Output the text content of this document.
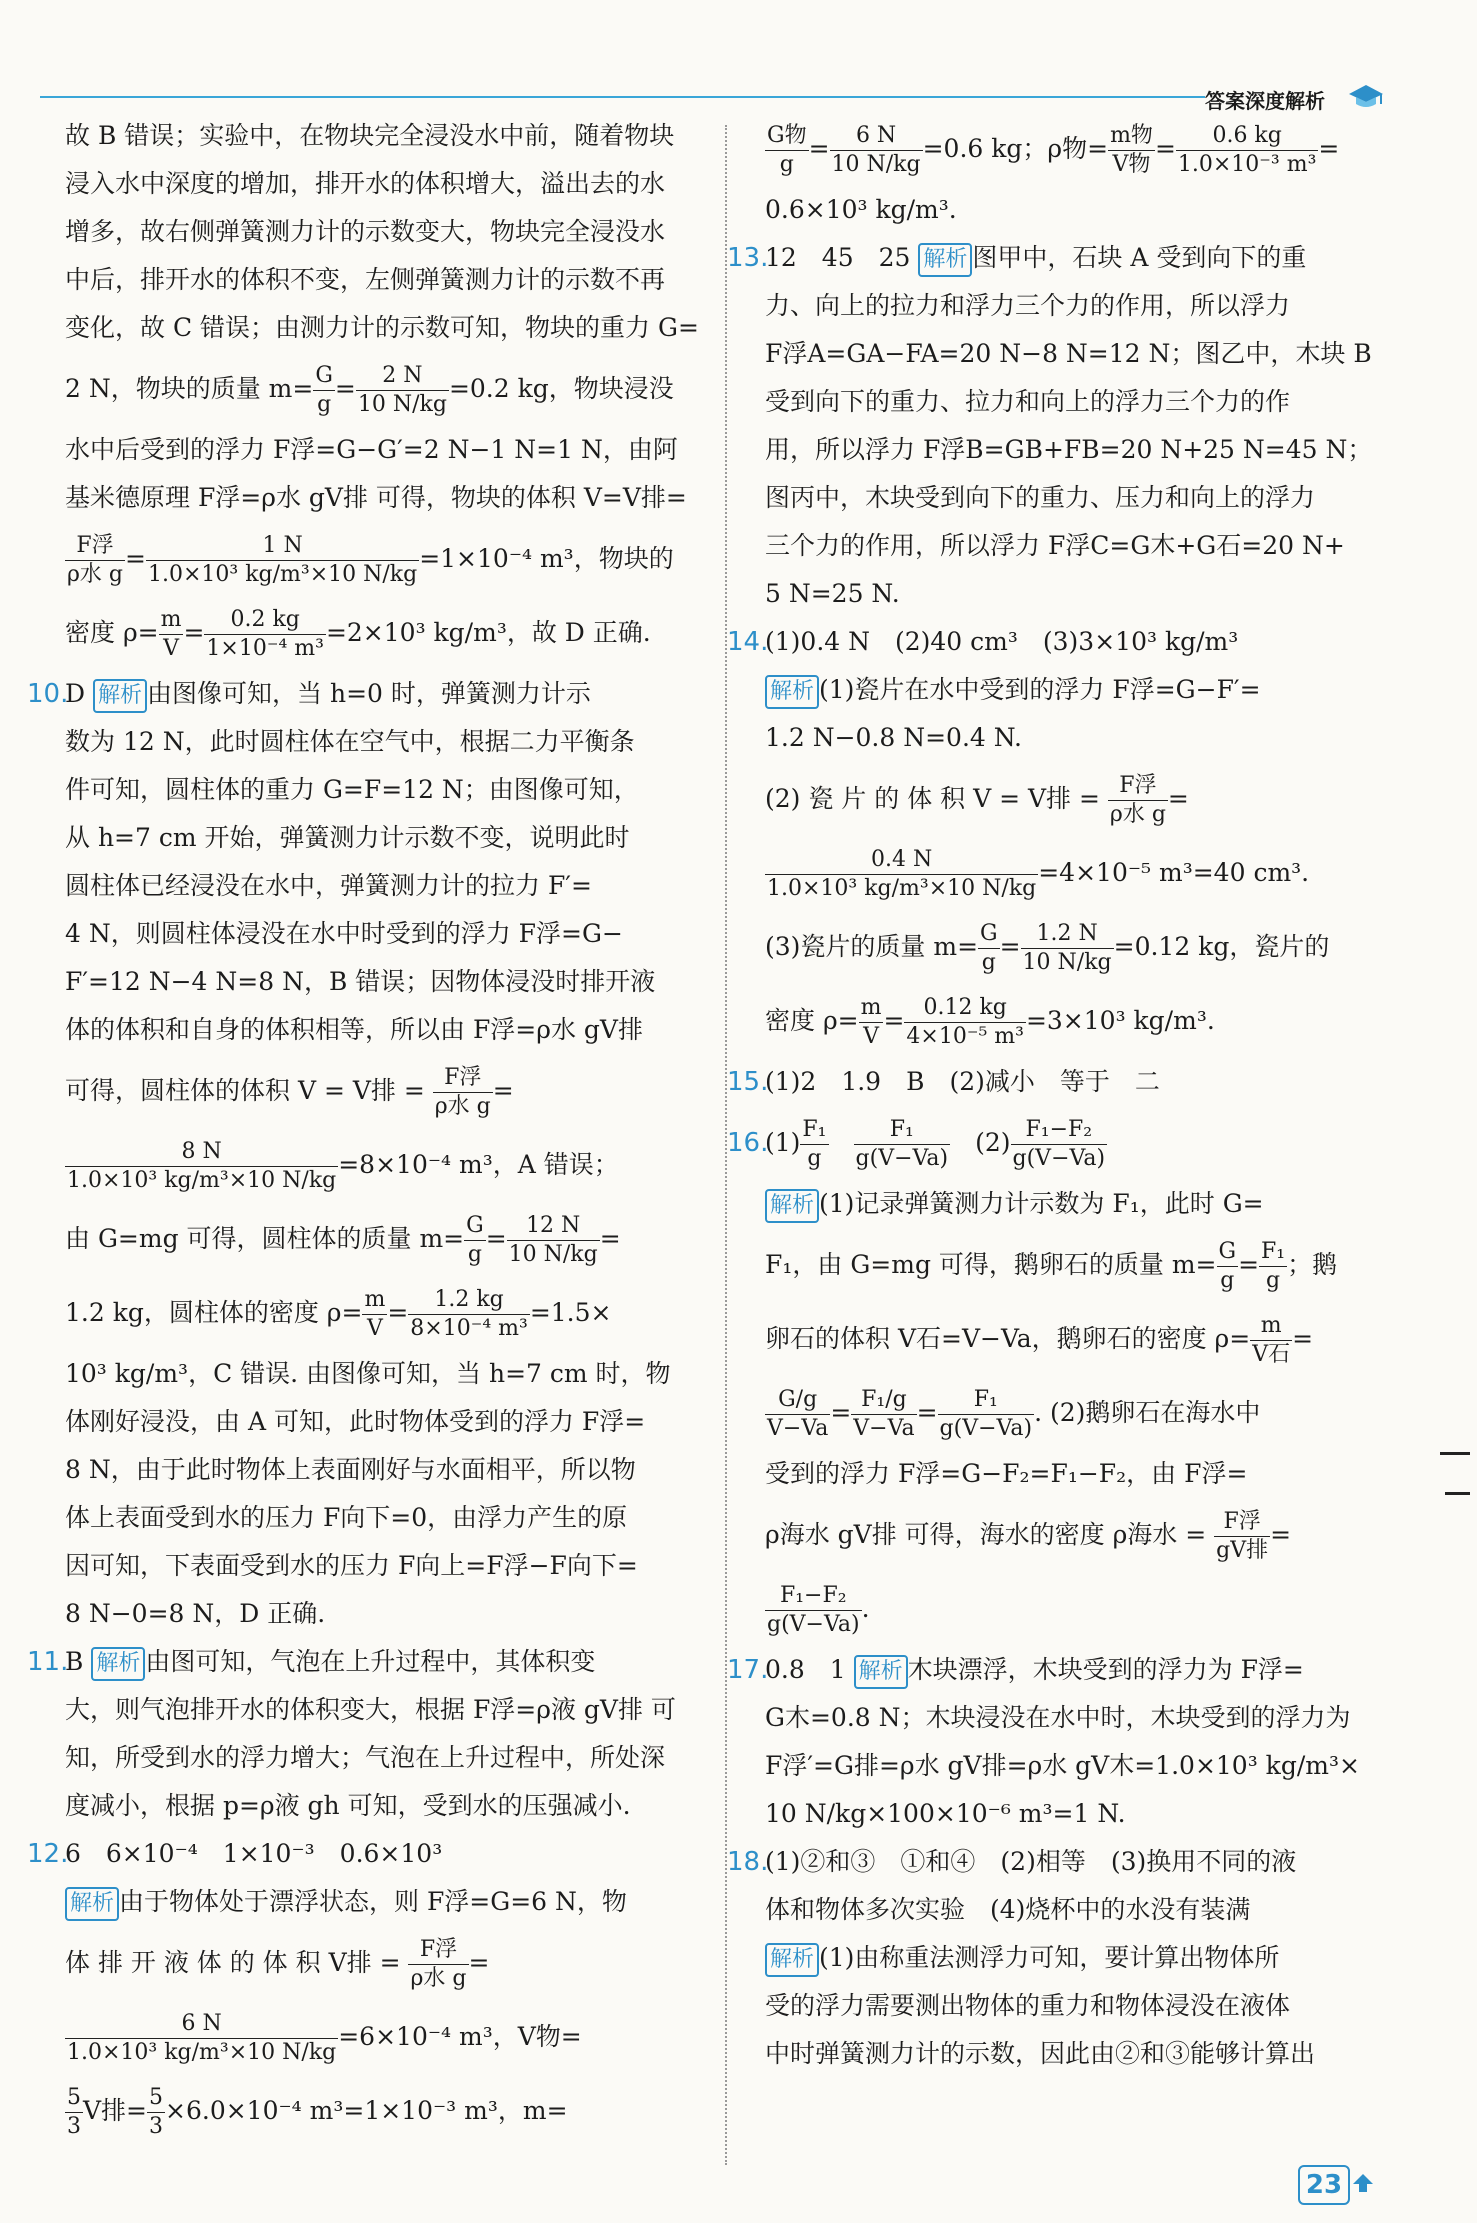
答案深度解析
故 B 错误；实验中，在物块完全浸没水中前，随着物块
浸入水中深度的增加，排开水的体积增大，溢出去的水
增多，故右侧弹簧测力计的示数变大，物块完全浸没水
中后，排开水的体积不变，左侧弹簧测力计的示数不再
变化，故 C 错误；由测力计的示数可知，物块的重力 G=
2 N，物块的质量 $m= \frac{G}{g} = \frac{2 N}{10 N/kg} =0.2$ kg，物块浸没
水中后受到的浮力 F浮=G−G′=2 N−1 N=1 N，由阿
基米德原理 F浮=ρ水 gV排 可得，物块的体积 V=V排=
$\frac{\text{F浮}}{\text{ρ水 g}} = \frac{1 N}{\text{1.0×10³ kg/m³×10 N/kg}} =1\times 10^{-4}$ m³，物块的
密度 $\rho= \frac{m}{V} = \frac{0.2 kg}{\text{1×10⁻⁴ m³}} =2\times 10^3$ kg/m³，故 D 正确.
10.D 解析 由图像可知，当 h=0 时，弹簧测力计示
数为 12 N，此时圆柱体在空气中，根据二力平衡条
件可知，圆柱体的重力 G=F=12 N；由图像可知，
从 h=7 cm 开始，弹簧测力计示数不变，说明此时
圆柱体已经浸没在水中，弹簧测力计的拉力 F′=
4 N，则圆柱体浸没在水中时受到的浮力 F浮=G−
F′=12 N−4 N=8 N，B 错误；因物体浸没时排开液
体的体积和自身的体积相等，所以由 F浮=ρ水 gV排
可得，圆柱体的体积 V = V排 = $\frac{\text{F浮}}{\text{ρ水 g}}$ =
$\frac{8 N}{\text{1.0×10³ kg/m³×10 N/kg}} =8\times 10^{-4}$ m³，A 错误；
由 G=mg 可得，圆柱体的质量 $m= \frac{G}{g} = \frac{12 N}{10 N/kg}$ =
1.2 kg，圆柱体的密度 $\rho= \frac{m}{V} = \frac{1.2 kg}{\text{8×10⁻⁴ m³}} =1.5\times$
10³ kg/m³，C 错误. 由图像可知，当 h=7 cm 时，物
体刚好浸没，由 A 可知，此时物体受到的浮力 F浮=
8 N，由于此时物体上表面刚好与水面相平，所以物
体上表面受到水的压力 F向下=0，由浮力产生的原
因可知，下表面受到水的压力 F向上=F浮−F向下=
8 N−0=8 N，D 正确.
11.B 解析 由图可知，气泡在上升过程中，其体积变
大，则气泡排开水的体积变大，根据 F浮=ρ液 gV排 可
知，所受到水的浮力增大；气泡在上升过程中，所处深
度减小，根据 p=ρ液 gh 可知，受到水的压强减小.
12.6　6×10⁻⁴　1×10⁻³　0.6×10³
解析 由于物体处于漂浮状态，则 F浮=G=6 N，物
体 排 开 液 体 的 体 积 V排 = $\frac{\text{F浮}}{\text{ρ水 g}}$ =
$\frac{6 N}{\text{1.0×10³ kg/m³×10 N/kg}} =6\times 10^{-4}$ m³，V物=
$\frac{5}{3}$ V排= $\frac{5}{3} \times 6.0\times 10^{-4}$ m³=1×10⁻³ m³，m=
$\frac{\text{G物}}{g} = \frac{6 N}{10 N/kg} =0.6$ kg；ρ物= $\frac{\text{m物}}{\text{V物}} = \frac{0.6 kg}{\text{1.0×10⁻³ m³}}$ =
0.6×10³ kg/m³.
13.12　45　25 解析 图甲中，石块 A 受到向下的重
力、向上的拉力和浮力三个力的作用，所以浮力
F浮A=GA−FA=20 N−8 N=12 N；图乙中，木块 B
受到向下的重力、拉力和向上的浮力三个力的作
用，所以浮力 F浮B=GB+FB=20 N+25 N=45 N；
图丙中，木块受到向下的重力、压力和向上的浮力
三个力的作用，所以浮力 F浮C=G木+G石=20 N+
5 N=25 N.
14.(1)0.4 N　(2)40 cm³　(3)3×10³ kg/m³
解析 (1)瓷片在水中受到的浮力 F浮=G−F′=
1.2 N−0.8 N=0.4 N.
(2) 瓷 片 的 体 积 V = V排 = $\frac{\text{F浮}}{\text{ρ水 g}}$ =
$\frac{0.4 N}{\text{1.0×10³ kg/m³×10 N/kg}} =4\times 10^{-5}$ m³=40 cm³.
(3)瓷片的质量 $m= \frac{G}{g} = \frac{1.2 N}{10 N/kg} =0.12$ kg，瓷片的
密度 $\rho= \frac{m}{V} = \frac{0.12 kg}{\text{4×10⁻⁵ m³}} =3\times 10^3$ kg/m³.
15.(1)2　1.9　B　(2)减小　等于　二
$16.(1) \frac{\text{F₁}}{g}$
　 $\frac{\text{F₁}}{g(V-Va)}$ 　$(2) \frac{\text{F₁−F₂}}{g(V-Va)}$
解析 (1)记录弹簧测力计示数为 F₁，此时 G=
F₁，由 G=mg 可得，鹅卵石的质量 $m= \frac{G}{g} = \frac{\text{F₁}}{g}$ ；鹅
卵石的体积 V石=V−Va，鹅卵石的密度 $\rho= \frac{m}{\text{V石}}$ =
$\frac{G/g}{V-Va} = \frac{\text{F₁/g}}{V-Va} = \frac{\text{F₁}}{g(V-Va)}$ . (2)鹅卵石在海水中
受到的浮力 F浮=G−F₂=F₁−F₂，由 F浮=
ρ海水 gV排 可得，海水的密度 ρ海水 = $\frac{\text{F浮}}{\text{gV排}}$ =
$\frac{\text{F₁−F₂}}{g(V-Va)}$ .
17.0.8　1 解析 木块漂浮，木块受到的浮力为 F浮=
G木=0.8 N；木块浸没在水中时，木块受到的浮力为
F浮′=G排=ρ水 gV排=ρ水 gV木=1.0×10³ kg/m³×
10 N/kg×100×10⁻⁶ m³=1 N.
18.(1)②和③　①和④　(2)相等　(3)换用不同的液
体和物体多次实验　(4)烧杯中的水没有装满
解析 (1)由称重法测浮力可知，要计算出物体所
受的浮力需要测出物体的重力和物体浸没在液体
中时弹簧测力计的示数，因此由②和③能够计算出
23
